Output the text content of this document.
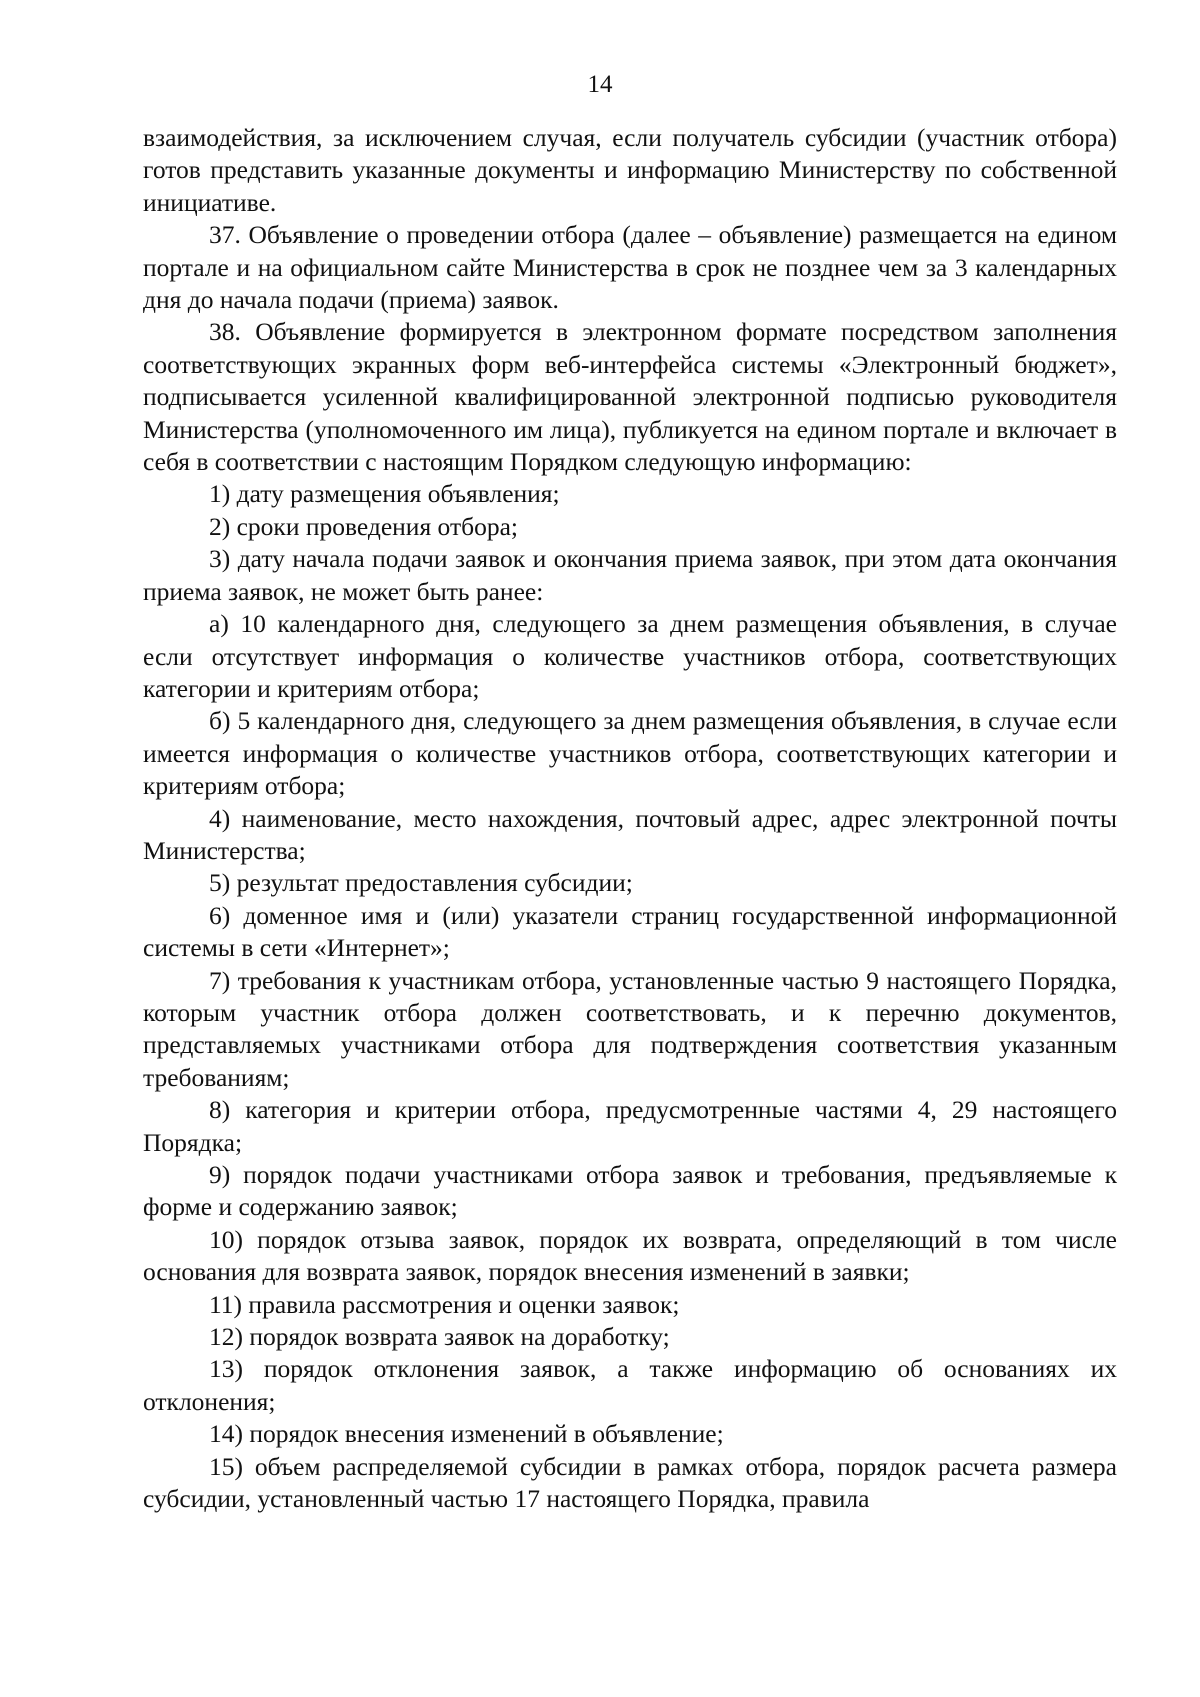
14

взаимодействия, за исключением случая, если получатель субсидии (участник отбора) готов представить указанные документы и информацию Министерству по собственной инициативе.

37. Объявление о проведении отбора (далее – объявление) размещается на едином портале и на официальном сайте Министерства в срок не позднее чем за 3 календарных дня до начала подачи (приема) заявок.

38. Объявление формируется в электронном формате посредством заполнения соответствующих экранных форм веб-интерфейса системы «Электронный бюджет», подписывается усиленной квалифицированной электронной подписью руководителя Министерства (уполномоченного им лица), публикуется на едином портале и включает в себя в соответствии с настоящим Порядком следующую информацию:

1) дату размещения объявления;

2) сроки проведения отбора;

3) дату начала подачи заявок и окончания приема заявок, при этом дата окончания приема заявок, не может быть ранее:

а) 10 календарного дня, следующего за днем размещения объявления, в случае если отсутствует информация о количестве участников отбора, соответствующих категории и критериям отбора;

б) 5 календарного дня, следующего за днем размещения объявления, в случае если имеется информация о количестве участников отбора, соответствующих категории и критериям отбора;

4) наименование, место нахождения, почтовый адрес, адрес электронной почты Министерства;

5) результат предоставления субсидии;

6) доменное имя и (или) указатели страниц государственной информационной системы в сети «Интернет»;

7) требования к участникам отбора, установленные частью 9 настоящего Порядка, которым участник отбора должен соответствовать, и к перечню документов, представляемых участниками отбора для подтверждения соответствия указанным требованиям;

8) категория и критерии отбора, предусмотренные частями 4, 29 настоящего Порядка;

9) порядок подачи участниками отбора заявок и требования, предъявляемые к форме и содержанию заявок;

10) порядок отзыва заявок, порядок их возврата, определяющий в том числе основания для возврата заявок, порядок внесения изменений в заявки;

11) правила рассмотрения и оценки заявок;

12) порядок возврата заявок на доработку;

13) порядок отклонения заявок, а также информацию об основаниях их отклонения;

14) порядок внесения изменений в объявление;

15) объем распределяемой субсидии в рамках отбора, порядок расчета размера субсидии, установленный частью 17 настоящего Порядка, правила
